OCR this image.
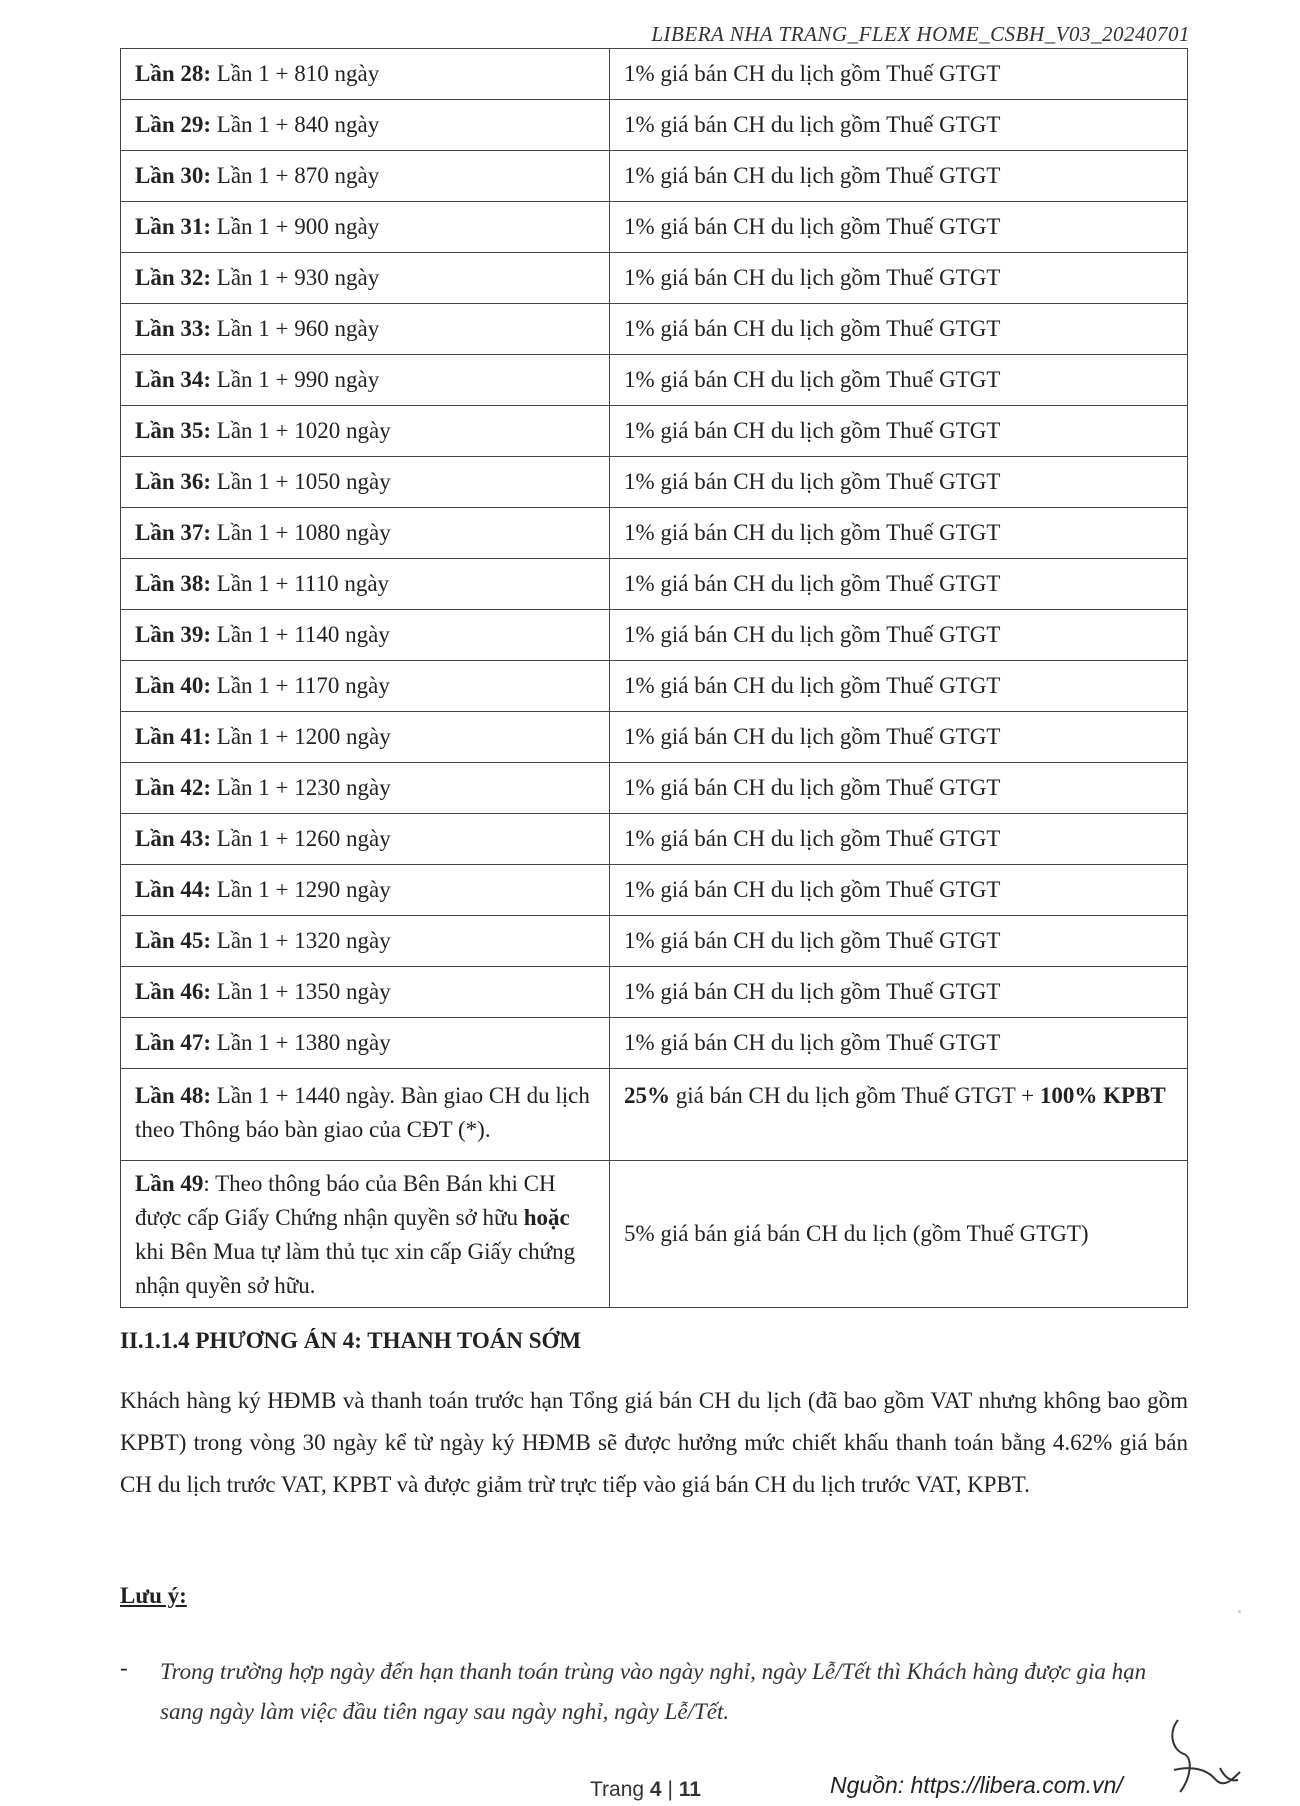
LIBERA NHA TRANG_FLEX HOME_CSBH_V03_20240701
Lần 28: Lần 1 + 810 ngày	1% giá bán CH du lịch gồm Thuế GTGT
Lần 29: Lần 1 + 840 ngày	1% giá bán CH du lịch gồm Thuế GTGT
Lần 30: Lần 1 + 870 ngày	1% giá bán CH du lịch gồm Thuế GTGT
Lần 31: Lần 1 + 900 ngày	1% giá bán CH du lịch gồm Thuế GTGT
Lần 32: Lần 1 + 930 ngày	1% giá bán CH du lịch gồm Thuế GTGT
Lần 33: Lần 1 + 960 ngày	1% giá bán CH du lịch gồm Thuế GTGT
Lần 34: Lần 1 + 990 ngày	1% giá bán CH du lịch gồm Thuế GTGT
Lần 35: Lần 1 + 1020 ngày	1% giá bán CH du lịch gồm Thuế GTGT
Lần 36: Lần 1 + 1050 ngày	1% giá bán CH du lịch gồm Thuế GTGT
Lần 37: Lần 1 + 1080 ngày	1% giá bán CH du lịch gồm Thuế GTGT
Lần 38: Lần 1 + 1110 ngày	1% giá bán CH du lịch gồm Thuế GTGT
Lần 39: Lần 1 + 1140 ngày	1% giá bán CH du lịch gồm Thuế GTGT
Lần 40: Lần 1 + 1170 ngày	1% giá bán CH du lịch gồm Thuế GTGT
Lần 41: Lần 1 + 1200 ngày	1% giá bán CH du lịch gồm Thuế GTGT
Lần 42: Lần 1 + 1230 ngày	1% giá bán CH du lịch gồm Thuế GTGT
Lần 43: Lần 1 + 1260 ngày	1% giá bán CH du lịch gồm Thuế GTGT
Lần 44: Lần 1 + 1290 ngày	1% giá bán CH du lịch gồm Thuế GTGT
Lần 45: Lần 1 + 1320 ngày	1% giá bán CH du lịch gồm Thuế GTGT
Lần 46: Lần 1 + 1350 ngày	1% giá bán CH du lịch gồm Thuế GTGT
Lần 47: Lần 1 + 1380 ngày	1% giá bán CH du lịch gồm Thuế GTGT
Lần 48: Lần 1 + 1440 ngày. Bàn giao CH du lịch theo Thông báo bàn giao của CĐT (*).	25% giá bán CH du lịch gồm Thuế GTGT + 100% KPBT
Lần 49: Theo thông báo của Bên Bán khi CH được cấp Giấy Chứng nhận quyền sở hữu hoặc khi Bên Mua tự làm thủ tục xin cấp Giấy chứng nhận quyền sở hữu.	5% giá bán giá bán CH du lịch (gồm Thuế GTGT)
II.1.1.4 PHƯƠNG ÁN 4: THANH TOÁN SỚM

Khách hàng ký HĐMB và thanh toán trước hạn Tổng giá bán CH du lịch (đã bao gồm VAT nhưng không bao gồm KPBT) trong vòng 30 ngày kể từ ngày ký HĐMB sẽ được hưởng mức chiết khấu thanh toán bằng 4.62% giá bán CH du lịch trước VAT, KPBT và được giảm trừ trực tiếp vào giá bán CH du lịch trước VAT, KPBT.

Lưu ý:
- Trong trường hợp ngày đến hạn thanh toán trùng vào ngày nghỉ, ngày Lễ/Tết thì Khách hàng được gia hạn sang ngày làm việc đầu tiên ngay sau ngày nghỉ, ngày Lễ/Tết.

Trang 4 | 11	Nguồn: https://libera.com.vn/
